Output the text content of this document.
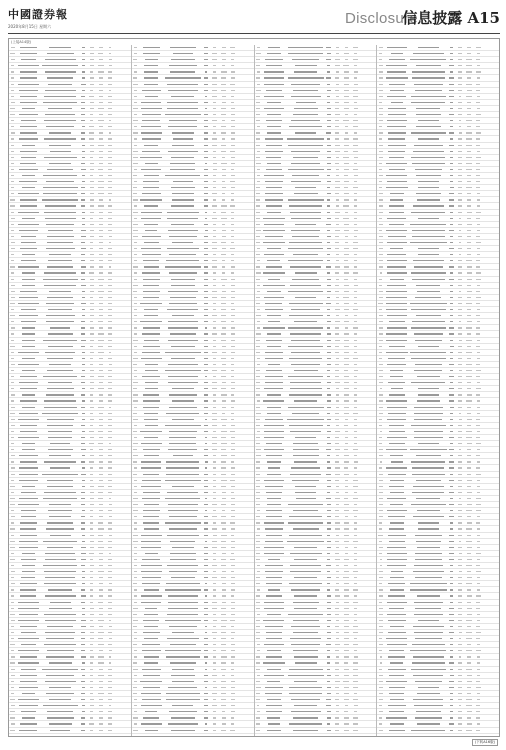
中國證券報
2020年8月15日 星期六	Disclosure
信息披露 A15
(上接A14版)
(下转A16版)
